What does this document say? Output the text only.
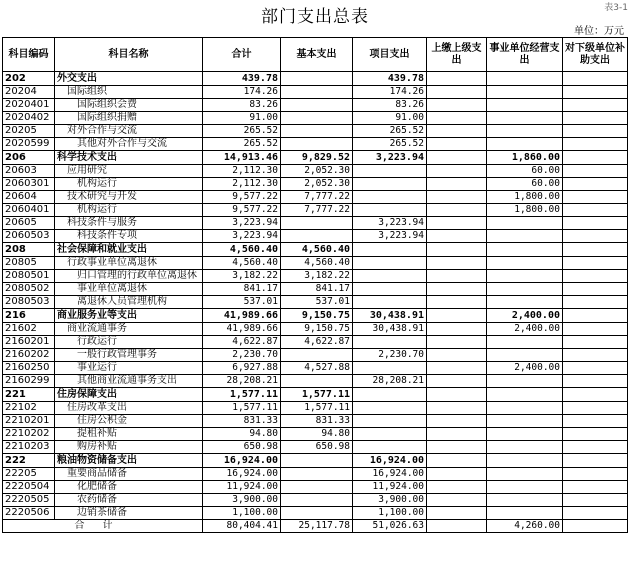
部门支出总表	表3-1
单位：万元
科目编码	科目名称	合计	基本支出	项目支出	上缴上级支出	事业单位经营支出	对下级单位补助支出
202	外交支出	439.78		439.78			
20204	国际组织	174.26		174.26			
2020401	国际组织会费	83.26		83.26			
2020402	国际组织捐赠	91.00		91.00			
20205	对外合作与交流	265.52		265.52			
2020599	其他对外合作与交流	265.52		265.52			
206	科学技术支出	14,913.46	9,829.52	3,223.94		1,860.00	
20603	应用研究	2,112.30	2,052.30			60.00	
2060301	机构运行	2,112.30	2,052.30			60.00	
20604	技术研究与开发	9,577.22	7,777.22			1,800.00	
2060401	机构运行	9,577.22	7,777.22			1,800.00	
20605	科技条件与服务	3,223.94		3,223.94			
2060503	科技条件专项	3,223.94		3,223.94			
208	社会保障和就业支出	4,560.40	4,560.40				
20805	行政事业单位离退休	4,560.40	4,560.40				
2080501	归口管理的行政单位离退休	3,182.22	3,182.22				
2080502	事业单位离退休	841.17	841.17				
2080503	离退休人员管理机构	537.01	537.01				
216	商业服务业等支出	41,989.66	9,150.75	30,438.91		2,400.00	
21602	商业流通事务	41,989.66	9,150.75	30,438.91		2,400.00	
2160201	行政运行	4,622.87	4,622.87				
2160202	一般行政管理事务	2,230.70		2,230.70			
2160250	事业运行	6,927.88	4,527.88			2,400.00	
2160299	其他商业流通事务支出	28,208.21		28,208.21			
221	住房保障支出	1,577.11	1,577.11				
22102	住房改革支出	1,577.11	1,577.11				
2210201	住房公积金	831.33	831.33				
2210202	提租补贴	94.80	94.80				
2210203	购房补贴	650.98	650.98				
222	粮油物资储备支出	16,924.00		16,924.00			
22205	重要商品储备	16,924.00		16,924.00			
2220504	化肥储备	11,924.00		11,924.00			
2220505	农药储备	3,900.00		3,900.00			
2220506	边销茶储备	1,100.00		1,100.00			
合计		80,404.41	25,117.78	51,026.63		4,260.00	
